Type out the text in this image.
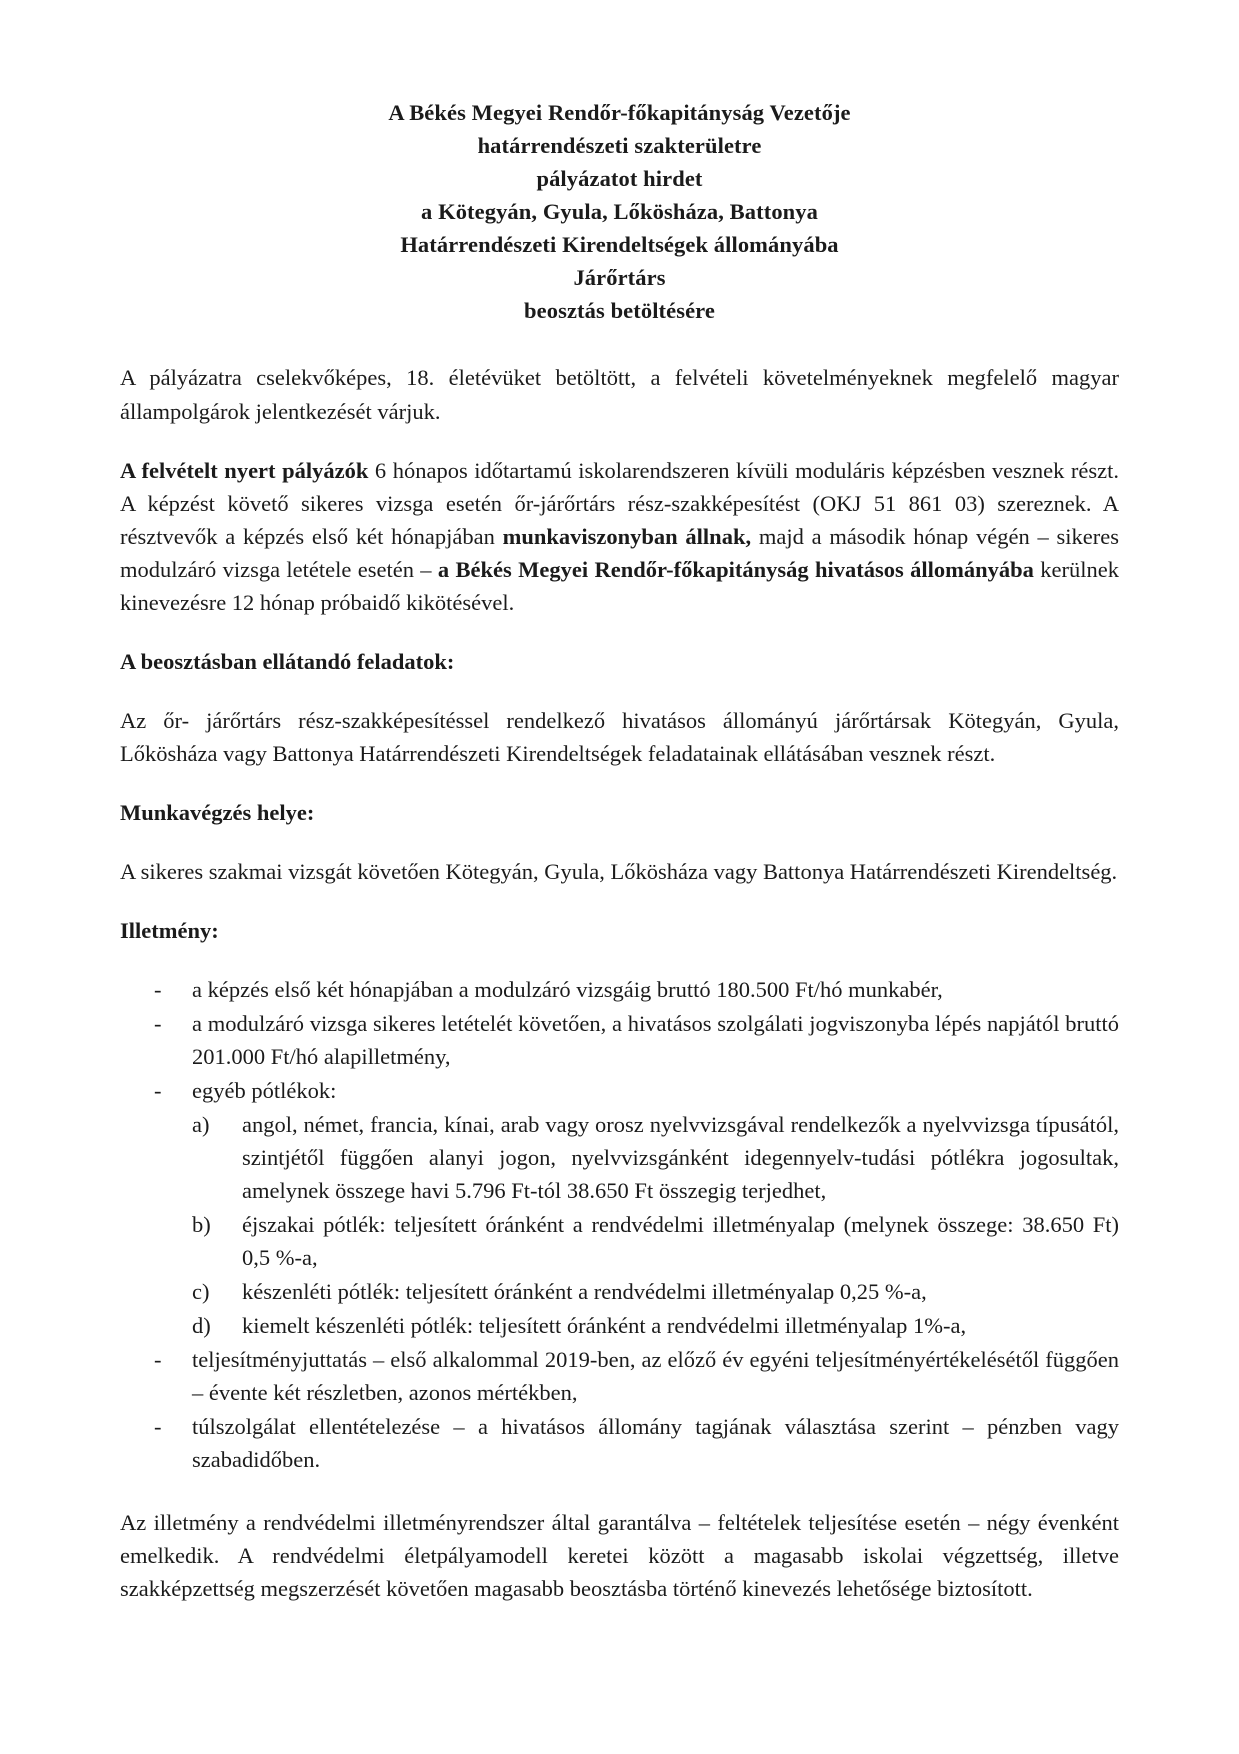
A Békés Megyei Rendőr-főkapitányság Vezetője
határrendészeti szakterületre
pályázatot hirdet
a Kötegyán, Gyula, Lőkösháza, Battonya
Határrendészeti Kirendeltségek állományába
Járőrtárs
beosztás betöltésére

A pályázatra cselekvőképes, 18. életévüket betöltött, a felvételi követelményeknek megfelelő magyar állampolgárok jelentkezését várjuk.

A felvételt nyert pályázók 6 hónapos időtartamú iskolarendszeren kívüli moduláris képzésben vesznek részt. A képzést követő sikeres vizsga esetén őr-járőrtárs rész-szakképesítést (OKJ 51 861 03) szereznek. A résztvevők a képzés első két hónapjában munkaviszonyban állnak, majd a második hónap végén – sikeres modulzáró vizsga letétele esetén – a Békés Megyei Rendőr-főkapitányság hivatásos állományába kerülnek kinevezésre 12 hónap próbaidő kikötésével.

A beosztásban ellátandó feladatok:

Az őr- járőrtárs rész-szakképesítéssel rendelkező hivatásos állományú járőrtársak Kötegyán, Gyula, Lőkösháza vagy Battonya Határrendészeti Kirendeltségek feladatainak ellátásában vesznek részt.

Munkavégzés helye:

A sikeres szakmai vizsgát követően Kötegyán, Gyula, Lőkösháza vagy Battonya Határrendészeti Kirendeltség.

Illetmény:
- a képzés első két hónapjában a modulzáró vizsgáig bruttó 180.500 Ft/hó munkabér,
- a modulzáró vizsga sikeres letételét követően, a hivatásos szolgálati jogviszonyba lépés napjától bruttó 201.000 Ft/hó alapilletmény,
- egyéb pótlékok:
a) angol, német, francia, kínai, arab vagy orosz nyelvvizsgával rendelkezők a nyelvvizsga típusától, szintjétől függően alanyi jogon, nyelvvizsgánként idegennyelv-tudási pótlékra jogosultak, amelynek összege havi 5.796 Ft-tól 38.650 Ft összegig terjedhet,
b) éjszakai pótlék: teljesített óránként a rendvédelmi illetményalap (melynek összege: 38.650 Ft) 0,5 %-a,
c) készenléti pótlék: teljesített óránként a rendvédelmi illetményalap 0,25 %-a,
d) kiemelt készenléti pótlék: teljesített óránként a rendvédelmi illetményalap 1%-a,
- teljesítményjuttatás – első alkalommal 2019-ben, az előző év egyéni teljesítményértékelésétől függően – évente két részletben, azonos mértékben,
- túlszolgálat ellentételezése – a hivatásos állomány tagjának választása szerint – pénzben vagy szabadidőben.

Az illetmény a rendvédelmi illetményrendszer által garantálva – feltételek teljesítése esetén – négy évenként emelkedik. A rendvédelmi életpályamodell keretei között a magasabb iskolai végzettség, illetve szakképzettség megszerzését követően magasabb beosztásba történő kinevezés lehetősége biztosított.
